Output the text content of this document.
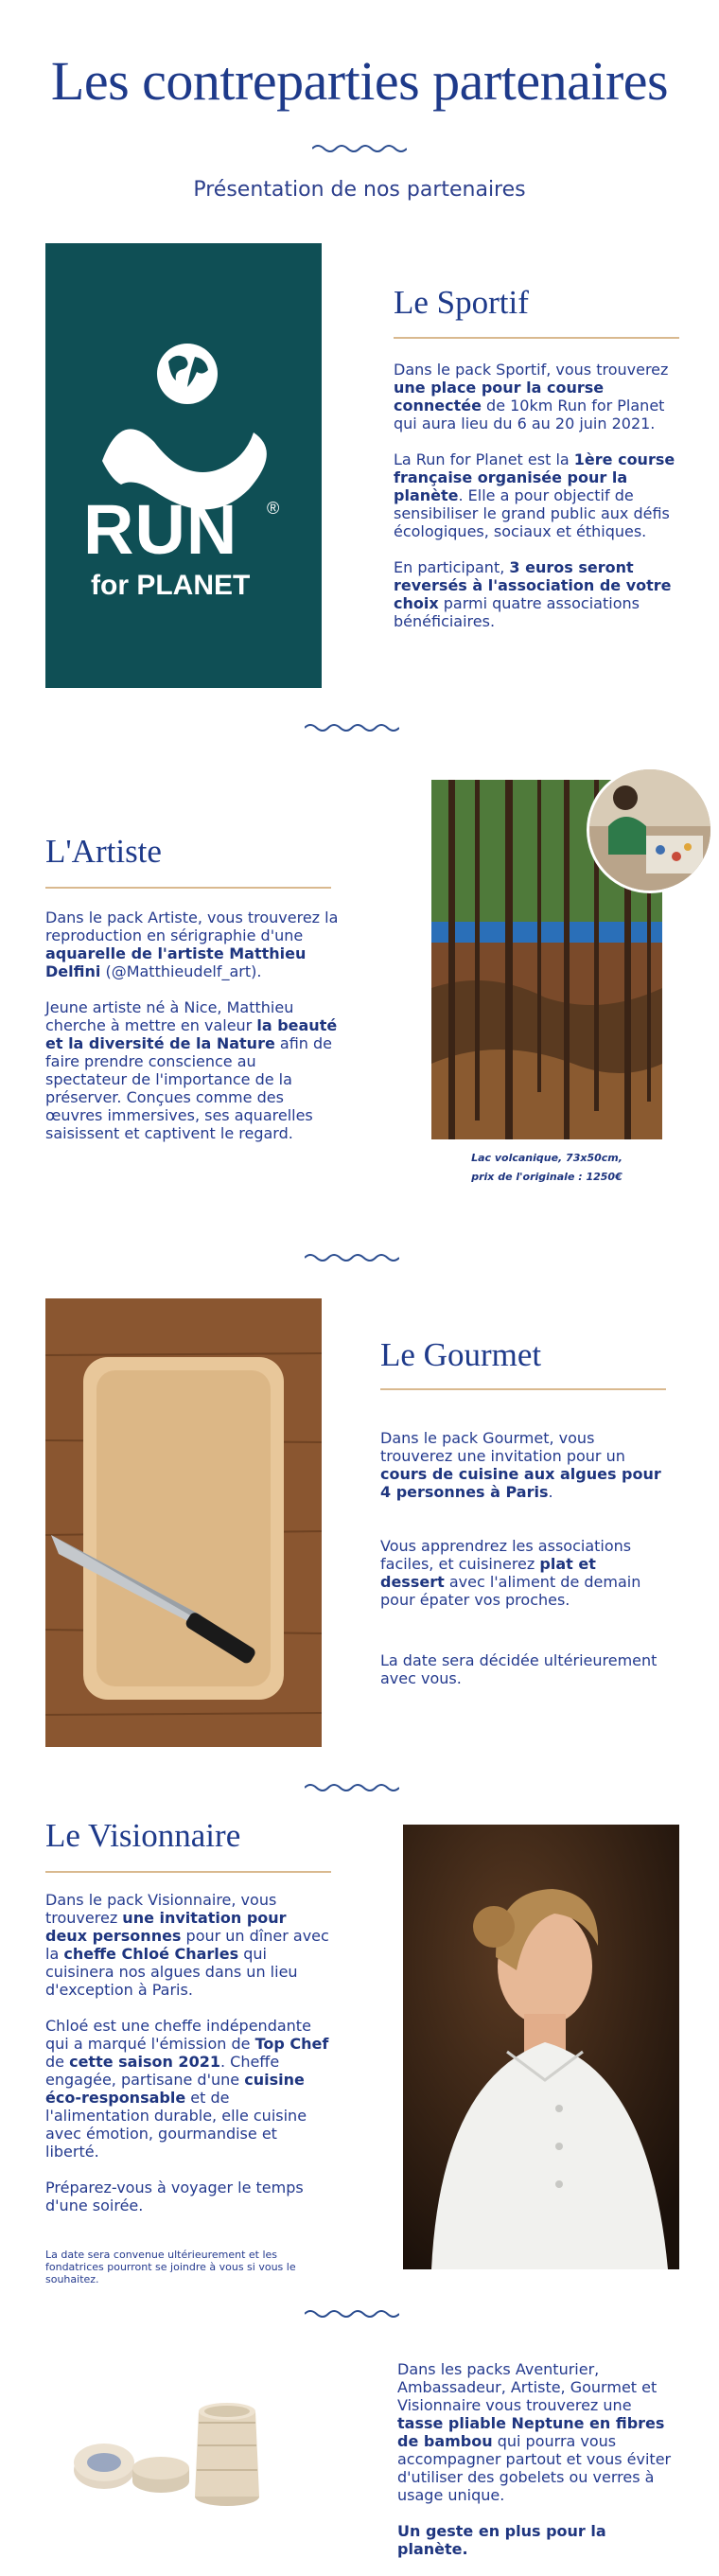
Les contreparties partenaires
Présentation de nos partenaires
RUN ®
for PLANET
Le Sportif

Dans le pack Sportif, vous trouverez une place pour la course connectée de 10km Run for Planet qui aura lieu du 6 au 20 juin 2021.

La Run for Planet est la 1ère course française organisée pour la planète. Elle a pour objectif de sensibiliser le grand public aux défis écologiques, sociaux et éthiques.

En participant, 3 euros seront reversés à l'association de votre choix parmi quatre associations bénéficiaires.

L'Artiste

Dans le pack Artiste, vous trouverez la reproduction en sérigraphie d'une aquarelle de l'artiste Matthieu Delfini (@Matthieudelf_art).

Jeune artiste né à Nice, Matthieu cherche à mettre en valeur la beauté et la diversité de la Nature afin de faire prendre conscience au spectateur de l'importance de la préserver. Conçues comme des œuvres immersives, ses aquarelles saisissent et captivent le regard.

Lac volcanique, 73x50cm,
prix de l'originale : 1250€
Le Gourmet

Dans le pack Gourmet, vous trouverez une invitation pour un cours de cuisine aux algues pour 4 personnes à Paris.

Vous apprendrez les associations faciles, et cuisinerez plat et dessert avec l'aliment de demain pour épater vos proches.

La date sera décidée ultérieurement avec vous.

Le Visionnaire

Dans le pack Visionnaire, vous trouverez une invitation pour deux personnes pour un dîner avec la cheffe Chloé Charles qui cuisinera nos algues dans un lieu d'exception à Paris.

Chloé est une cheffe indépendante qui a marqué l'émission de Top Chef de cette saison 2021. Cheffe engagée, partisane d'une cuisine éco-responsable et de l'alimentation durable, elle cuisine avec émotion, gourmandise et liberté.

Préparez-vous à voyager le temps d'une soirée.

La date sera convenue ultérieurement et les fondatrices pourront se joindre à vous si vous le souhaitez.

Dans les packs Aventurier, Ambassadeur, Artiste, Gourmet et Visionnaire vous trouverez une tasse pliable Neptune en fibres de bambou qui pourra vous accompagner partout et vous éviter d'utiliser des gobelets ou verres à usage unique.

Un geste en plus pour la planète.
